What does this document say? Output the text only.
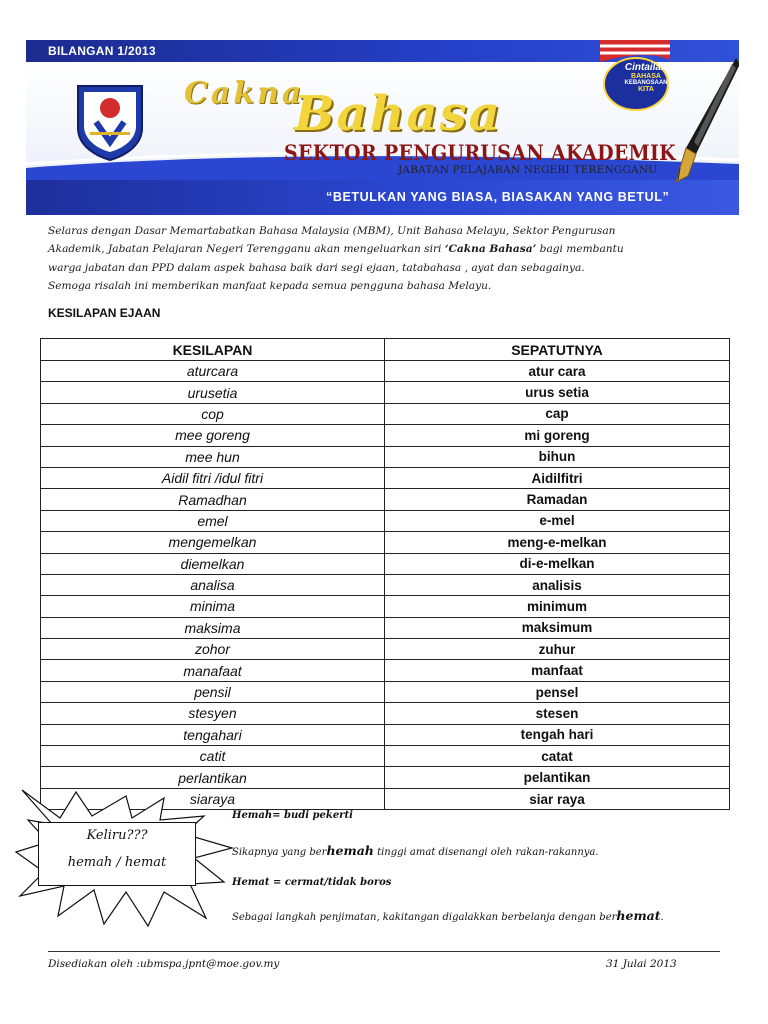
BILANGAN 1/2013
Cakna
Bahasa
SEKTOR PENGURUSAN AKADEMIK
JABATAN PELAJARAN NEGERI TERENGGANU
“BETULKAN YANG BIASA, BIASAKAN YANG BETUL”
Cintailah
BAHASA
KEBANGSAAN
KITA
Selaras dengan Dasar Memartabatkan Bahasa Malaysia (MBM), Unit Bahasa Melayu, Sektor Pengurusan
Akademik, Jabatan Pelajaran Negeri Terengganu akan mengeluarkan siri ‘Cakna Bahasa’ bagi membantu
warga jabatan dan PPD dalam aspek bahasa baik dari segi ejaan, tatabahasa , ayat dan sebagainya.
Semoga risalah ini memberikan manfaat kepada semua pengguna bahasa Melayu.
KESILAPAN EJAAN
KESILAPAN	SEPATUTNYA
aturcara	atur cara
urusetia	urus setia
cop	cap
mee goreng	mi goreng
mee hun	bihun
Aidil fitri /idul fitri	Aidilfitri
Ramadhan	Ramadan
emel	e-mel
mengemelkan	meng-e-melkan
diemelkan	di-e-melkan
analisa	analisis
minima	minimum
maksima	maksimum
zohor	zuhur
manafaat	manfaat
pensil	pensel
stesyen	stesen
tengahari	tengah hari
catit	catat
perlantikan	pelantikan
siaraya	siar raya
Keliru???
hemah / hemat
Hemah= budi pekerti
Sikapnya yang berhemah tinggi amat disenangi oleh rakan-rakannya.
Hemat = cermat/tidak boros
Sebagai langkah penjimatan, kakitangan digalakkan berbelanja dengan berhemat.
Disediakan oleh :ubmspa.jpnt@moe.gov.my	31 Julai 2013
